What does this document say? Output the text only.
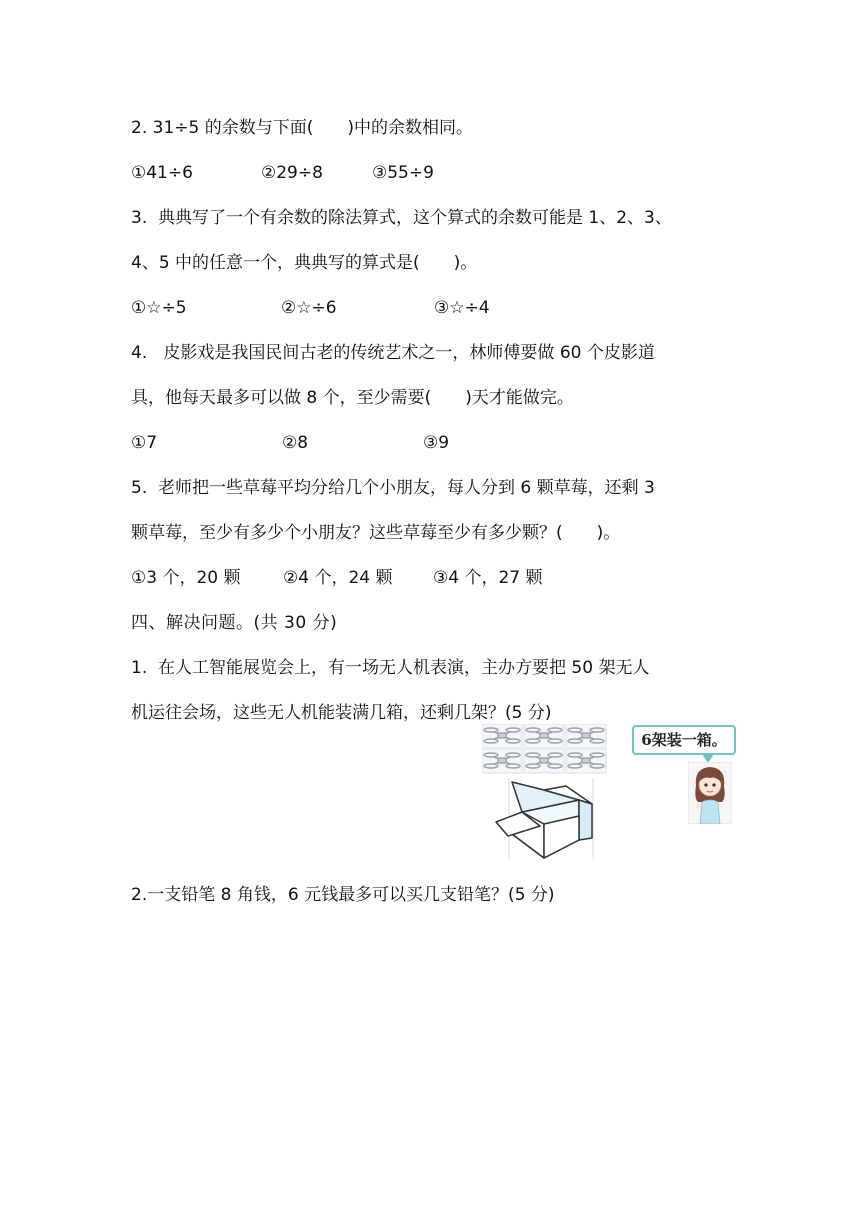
2. 31÷5 的余数与下面(　　)中的余数相同。
①41÷6	②29÷8	③55÷9
3.  典典写了一个有余数的除法算式，这个算式的余数可能是 1、2、3、
4、5 中的任意一个，典典写的算式是(　　)。
①☆÷5	②☆÷6	③☆÷4
4.   皮影戏是我国民间古老的传统艺术之一，林师傅要做 60 个皮影道
具，他每天最多可以做 8 个，至少需要(　　)天才能做完。
①7	②8	③9
5.  老师把一些草莓平均分给几个小朋友，每人分到 6 颗草莓，还剩 3
颗草莓，至少有多少个小朋友？这些草莓至少有多少颗？(　　)。
①3 个，20 颗	②4 个，24 颗 ③4 个，27 颗
四、解决问题。(共 30 分)
1.  在人工智能展览会上，有一场无人机表演，主办方要把 50 架无人
机运往会场，这些无人机能装满几箱，还剩几架？(5 分)
6架装一箱。
2.一支铅笔 8 角钱，6 元钱最多可以买几支铅笔？(5 分)
